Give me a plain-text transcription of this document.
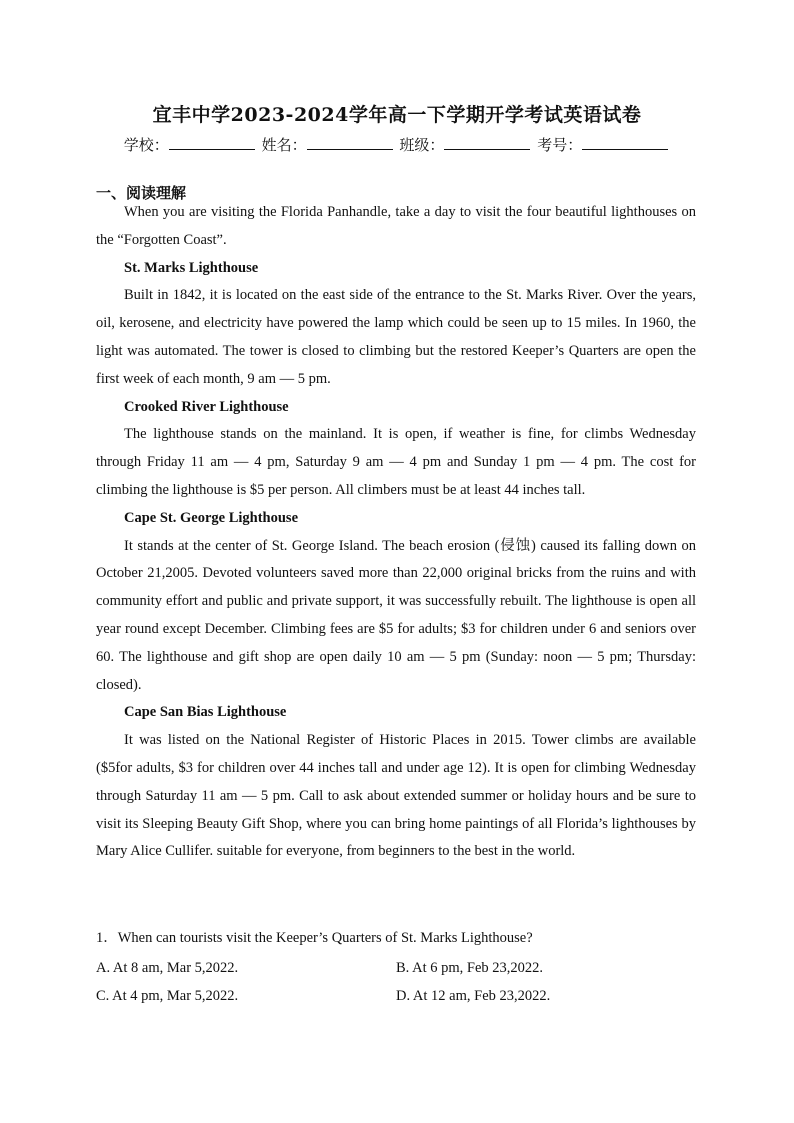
宜丰中学2023-2024学年高一下学期开学考试英语试卷
学校：	姓名：	班级：	考号：
一、阅读理解

When you are visiting the Florida Panhandle, take a day to visit the four beautiful lighthouses on the “Forgotten Coast”.

St. Marks Lighthouse

Built in 1842, it is located on the east side of the entrance to the St. Marks River. Over the years, oil, kerosene, and electricity have powered the lamp which could be seen up to 15 miles. In 1960, the light was automated. The tower is closed to climbing but the restored Keeper’s Quarters are open the first week of each month, 9 am — 5 pm.

Crooked River Lighthouse

The lighthouse stands on the mainland. It is open, if weather is fine, for climbs Wednesday through Friday 11 am — 4 pm, Saturday 9 am — 4 pm and Sunday 1 pm — 4 pm. The cost for climbing the lighthouse is $5 per person. All climbers must be at least 44 inches tall.

Cape St. George Lighthouse

It stands at the center of St. George Island. The beach erosion (侵蚀) caused its falling down on October 21,2005. Devoted volunteers saved more than 22,000 original bricks from the ruins and with community effort and public and private support, it was successfully rebuilt. The lighthouse is open all year round except December. Climbing fees are $5 for adults; $3 for children under 6 and seniors over 60. The lighthouse and gift shop are open daily 10 am — 5 pm (Sunday: noon — 5 pm; Thursday: closed).

Cape San Bias Lighthouse

It was listed on the National Register of Historic Places in 2015. Tower climbs are available ($5for adults, $3 for children over 44 inches tall and under age 12). It is open for climbing Wednesday through Saturday 11 am — 5 pm. Call to ask about extended summer or holiday hours and be sure to visit its Sleeping Beauty Gift Shop, where you can bring home paintings of all Florida’s lighthouses by Mary Alice Cullifer. suitable for everyone, from beginners to the best in the world.

1．When can tourists visit the Keeper’s Quarters of St. Marks Lighthouse?
A. At 8 am, Mar 5,2022.	B. At 6 pm, Feb 23,2022.
C. At 4 pm, Mar 5,2022.	D. At 12 am, Feb 23,2022.
